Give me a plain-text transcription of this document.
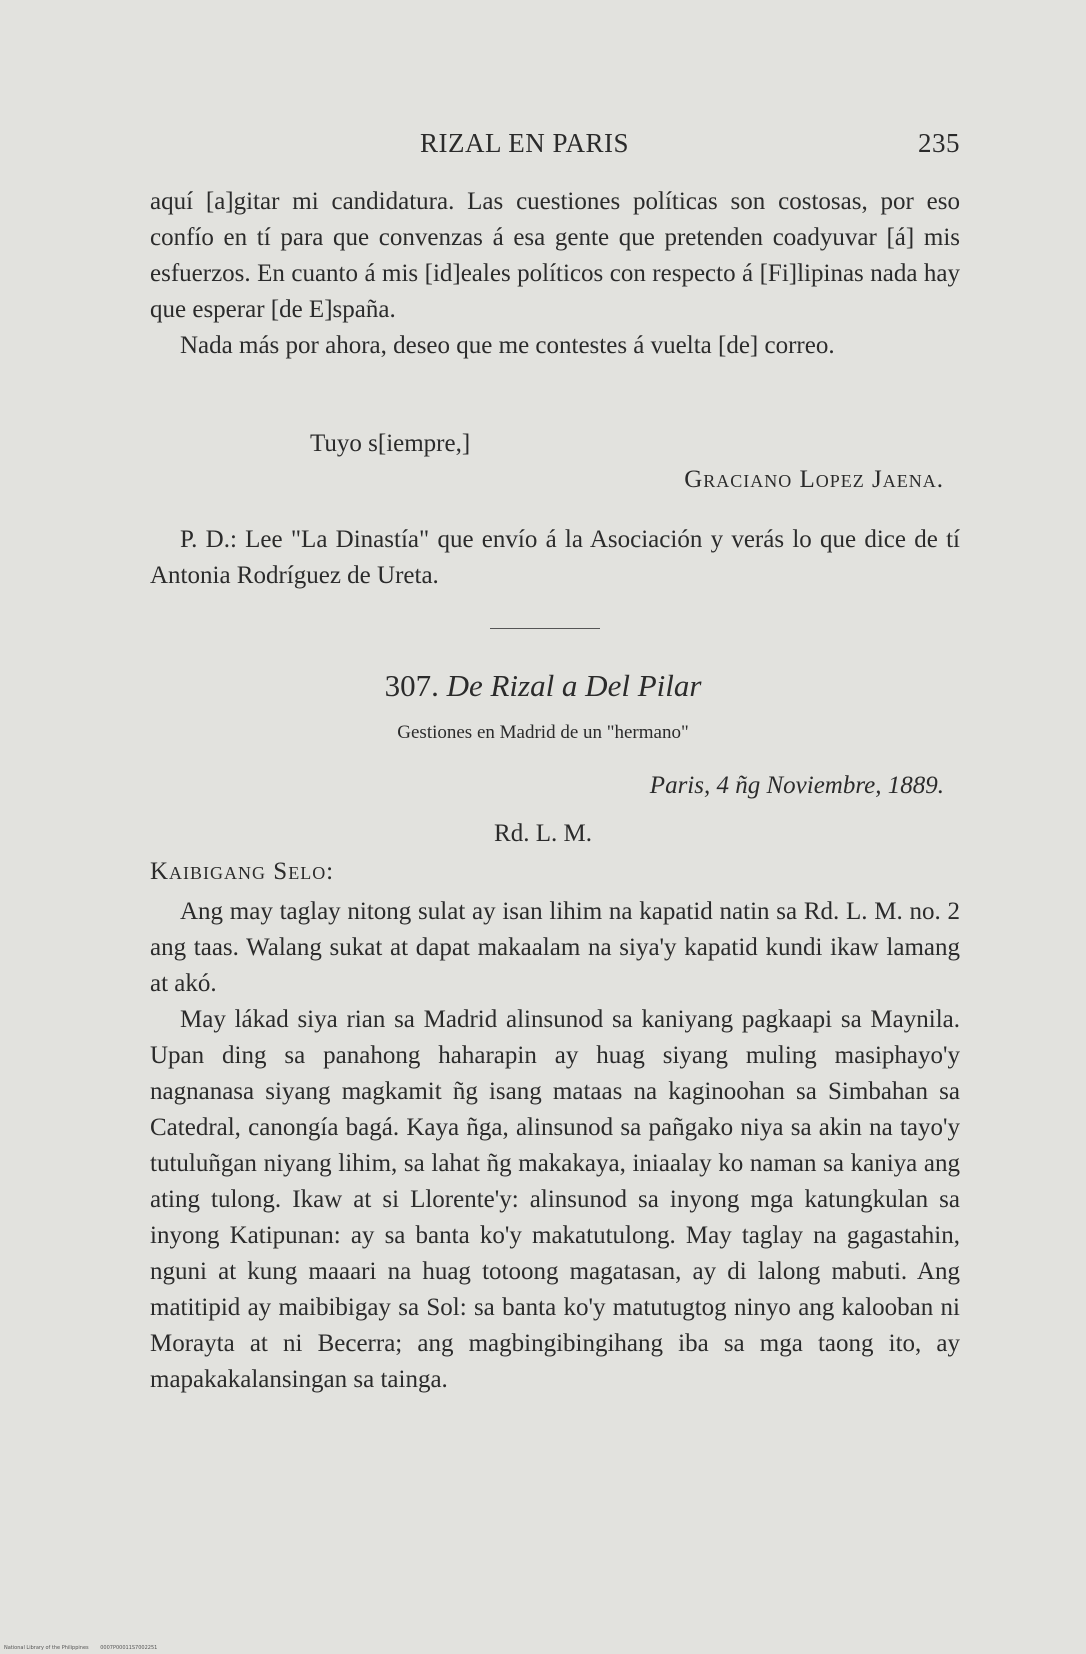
RIZAL EN PARIS	235

aquí [a]gitar mi candidatura. Las cuestiones políticas son costosas, por eso confío en tí para que convenzas á esa gente que pretenden coadyuvar [á] mis esfuerzos. En cuanto á mis [id]eales políticos con respecto á [Fi]lipinas nada hay que esperar [de E]spaña.

Nada más por ahora, deseo que me contestes á vuelta [de] correo.

Tuyo s[iempre,]
Graciano Lopez Jaena.

P. D.: Lee "La Dinastía" que envío á la Asociación y verás lo que dice de tí Antonia Rodríguez de Ureta.

307. De Rizal a Del Pilar
Gestiones en Madrid de un "hermano"
Paris, 4 ñg Noviembre, 1889.
Rd. L. M.
Kaibigang Selo:

Ang may taglay nitong sulat ay isan lihim na kapatid natin sa Rd. L. M. no. 2 ang taas. Walang sukat at dapat makaalam na siya'y kapatid kundi ikaw lamang at akó.

May lákad siya rian sa Madrid alinsunod sa kaniyang pagkaapi sa Maynila. Upan ding sa panahong haharapin ay huag siyang muling masiphayo'y nagnanasa siyang magkamit ñg isang mataas na kaginoohan sa Simbahan sa Catedral, canongía bagá. Kaya ñga, alinsunod sa pañgako niya sa akin na tayo'y tutuluñgan niyang lihim, sa lahat ñg makakaya, iniaalay ko naman sa kaniya ang ating tulong. Ikaw at si Llorente'y: alinsunod sa inyong mga katungkulan sa inyong Katipunan: ay sa banta ko'y makatutulong. May taglay na gagastahin, nguni at kung maaari na huag totoong magatasan, ay di lalong mabuti. Ang matitipid ay maibibigay sa Sol: sa banta ko'y matutugtog ninyo ang kalooban ni Morayta at ni Becerra; ang magbingibingihang iba sa mga taong ito, ay mapakakalansingan sa tainga.

National Library of the Philippines 0007P00011S7002251
